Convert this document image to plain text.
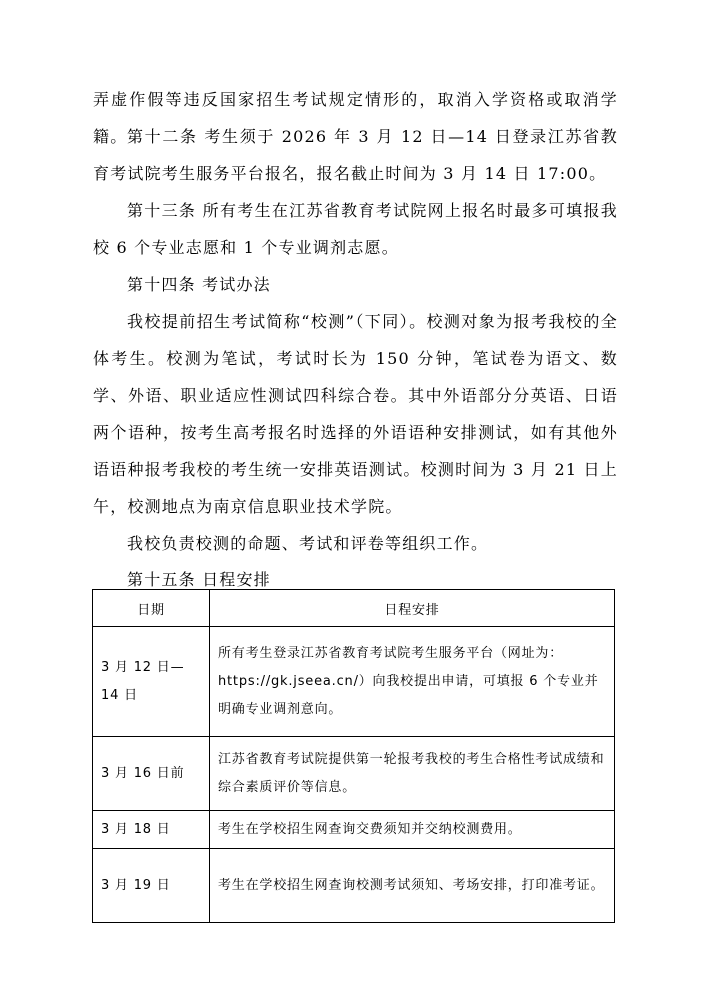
弄虚作假等违反国家招生考试规定情形的，取消入学资格或取消学籍。 第十二条 考生须于 2026 年 3 月 12 日—14 日登录江苏省教育考试院考生服务平台报名，报名截止时间为 3 月 14 日 17:00。

第十三条 所有考生在江苏省教育考试院网上报名时最多可填报我校 6 个专业志愿和 1 个专业调剂志愿。

第十四条 考试办法

我校提前招生考试简称“校测”（下同）。校测对象为报考我校的全体考生。校测为笔试，考试时长为 150 分钟，笔试卷为语文、数学、外语、职业适应性测试四科综合卷。其中外语部分分英语、日语两个语种，按考生高考报名时选择的外语语种安排测试，如有其他外语语种报考我校的考生统一安排英语测试。校测时间为 3 月 21 日上午，校测地点为南京信息职业技术学院。

我校负责校测的命题、考试和评卷等组织工作。

第十五条 日程安排

日期	日程安排
3 月 12 日—14 日	所有考生登录江苏省教育考试院考生服务平台（网址为：https://gk.jseea.cn/）向我校提出申请，可填报 6 个专业并明确专业调剂意向。
3 月 16 日前	江苏省教育考试院提供第一轮报考我校的考生合格性考试成绩和综合素质评价等信息。
3 月 18 日	考生在学校招生网查询交费须知并交纳校测费用。
3 月 19 日	考生在学校招生网查询校测考试须知、考场安排，打印准考证。
